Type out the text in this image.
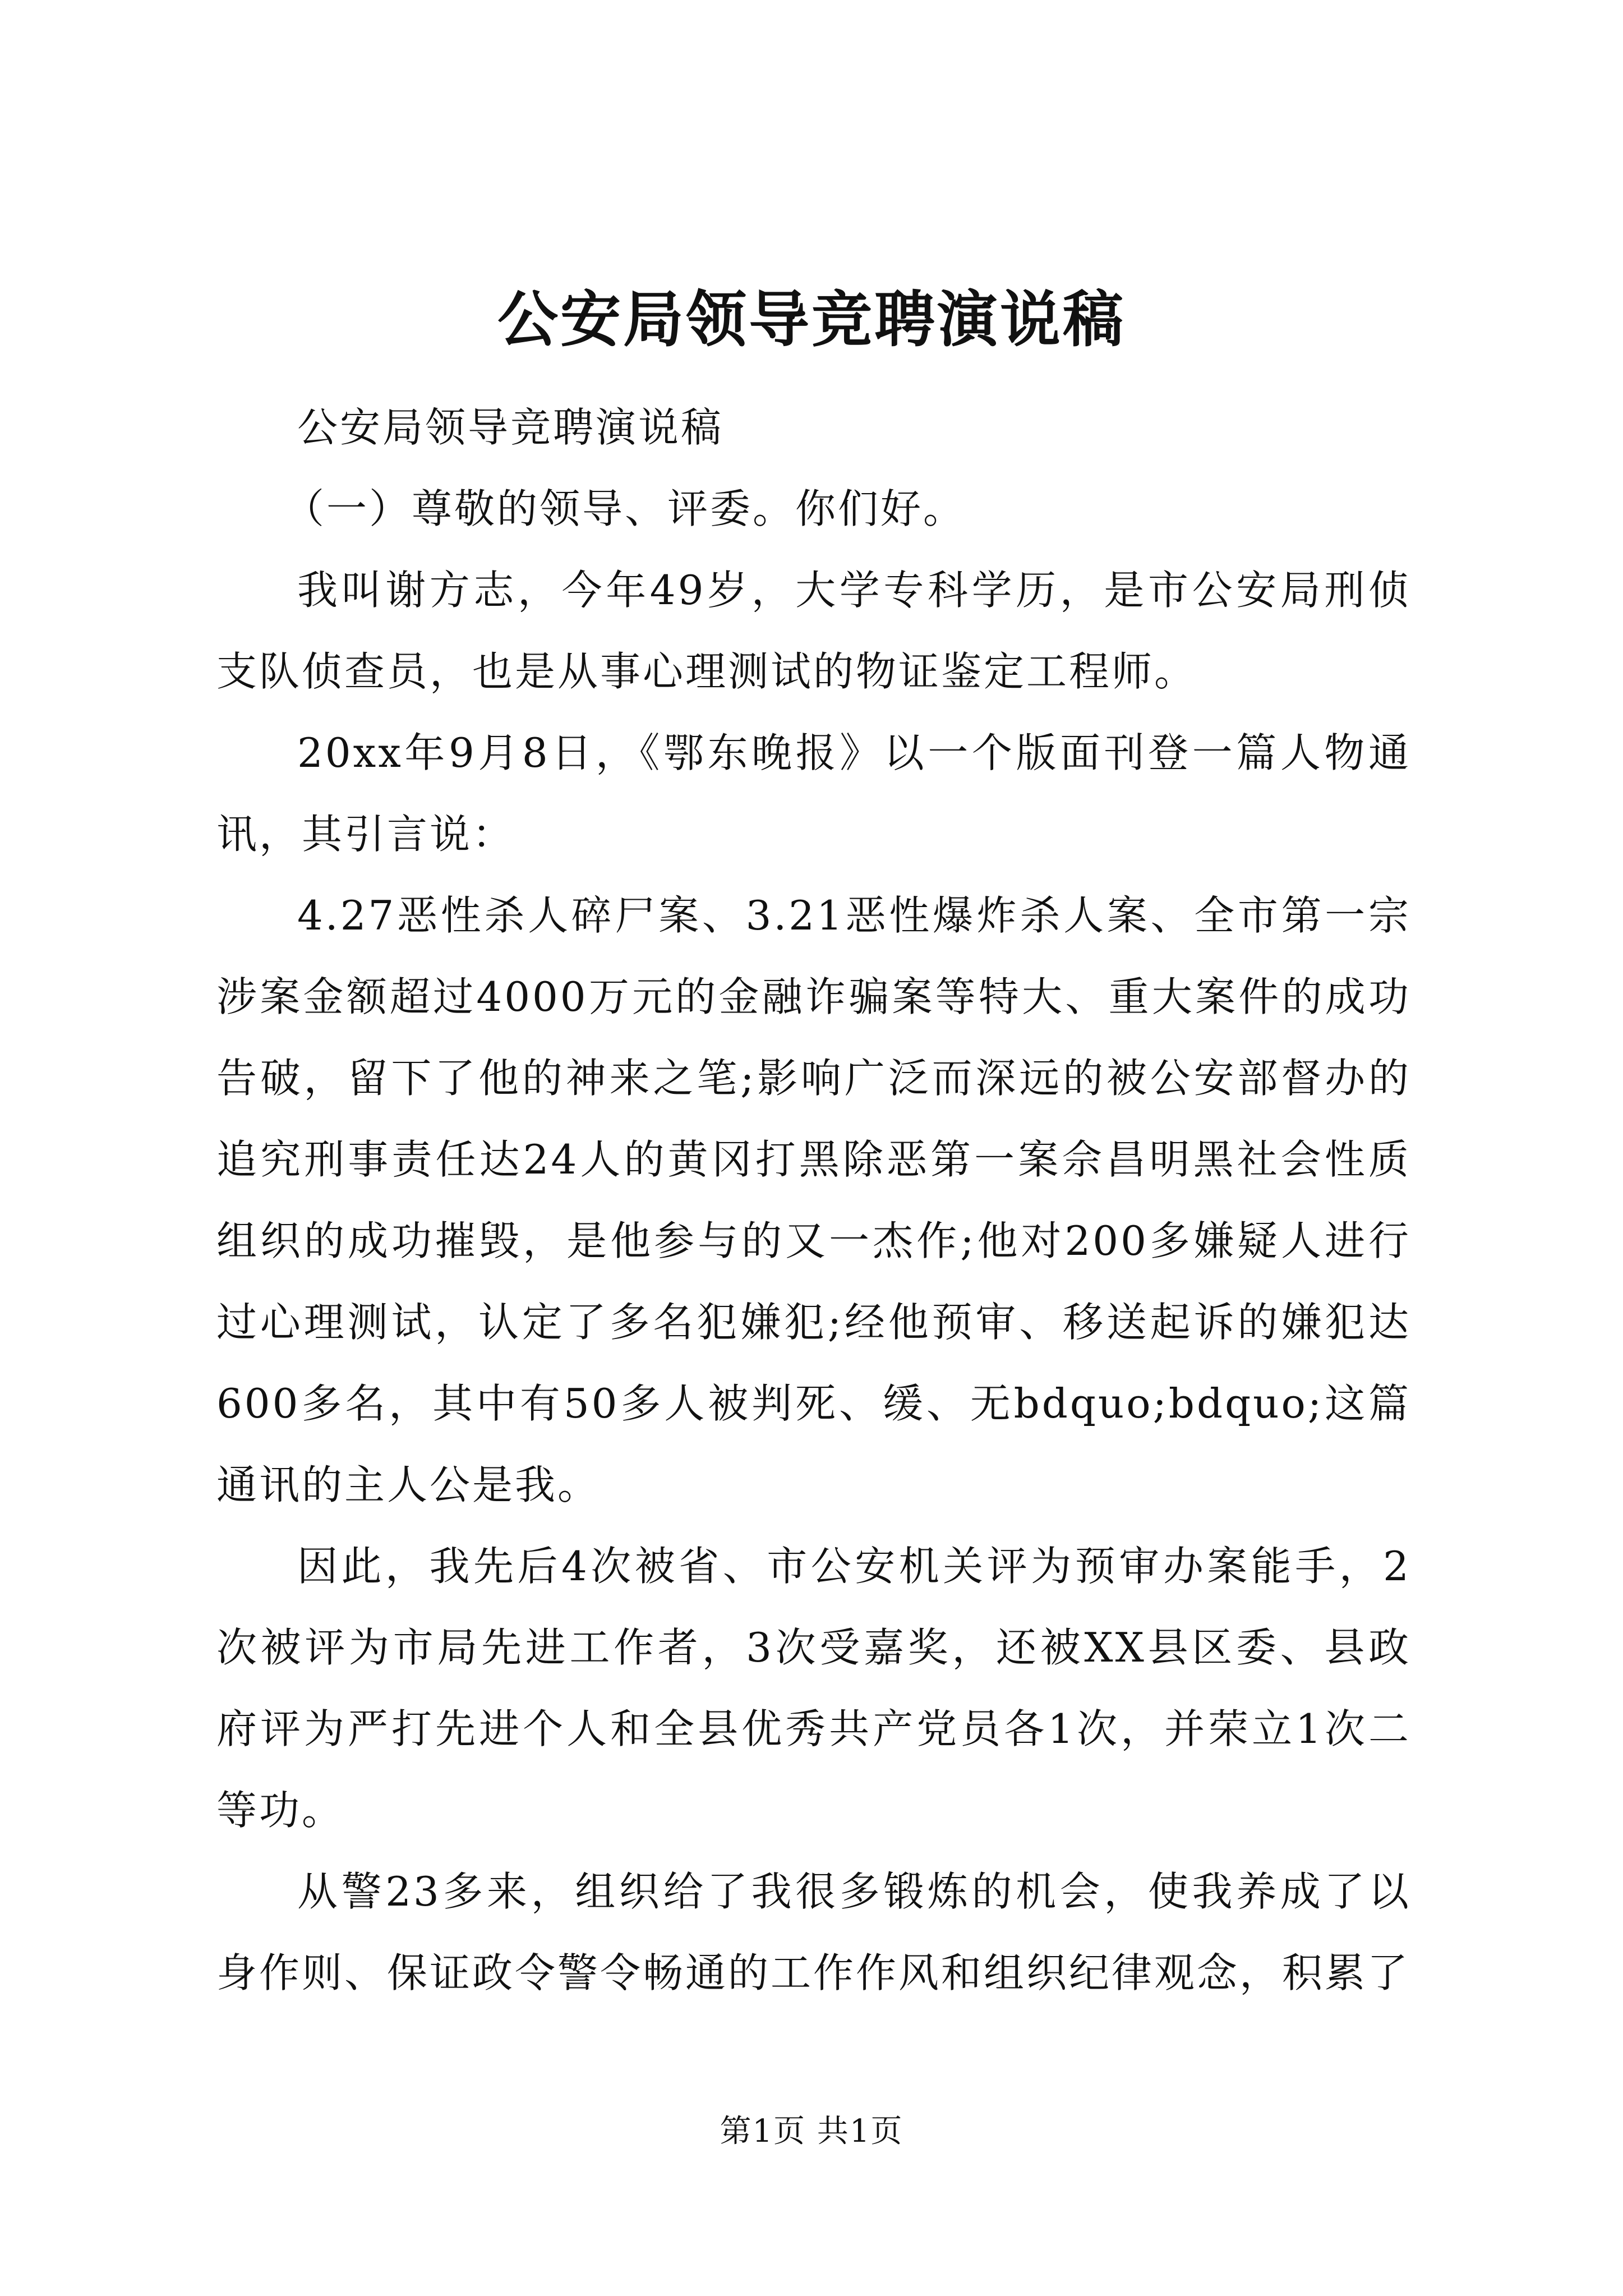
公安局领导竞聘演说稿

公安局领导竞聘演说稿

（一）尊敬的领导、评委。你们好。

我叫谢方志，今年49岁，大学专科学历，是市公安局刑侦支队侦查员，也是从事心理测试的物证鉴定工程师。

20xx年9月8日，《鄂东晚报》以一个版面刊登一篇人物通讯，其引言说：

4.27恶性杀人碎尸案、3.21恶性爆炸杀人案、全市第一宗涉案金额超过4000万元的金融诈骗案等特大、重大案件的成功告破，留下了他的神来之笔;影响广泛而深远的被公安部督办的追究刑事责任达24人的黄冈打黑除恶第一案佘昌明黑社会性质组织的成功摧毁，是他参与的又一杰作;他对200多嫌疑人进行过心理测试，认定了多名犯嫌犯;经他预审、移送起诉的嫌犯达600多名，其中有50多人被判死、缓、无bdquo;bdquo;这篇通讯的主人公是我。

因此，我先后4次被省、市公安机关评为预审办案能手，2次被评为市局先进工作者，3次受嘉奖，还被XX县区委、县政府评为严打先进个人和全县优秀共产党员各1次，并荣立1次二等功。

从警23多来，组织给了我很多锻炼的机会，使我养成了以身作则、保证政令警令畅通的工作作风和组织纪律观念，积累了

第1页 共1页
